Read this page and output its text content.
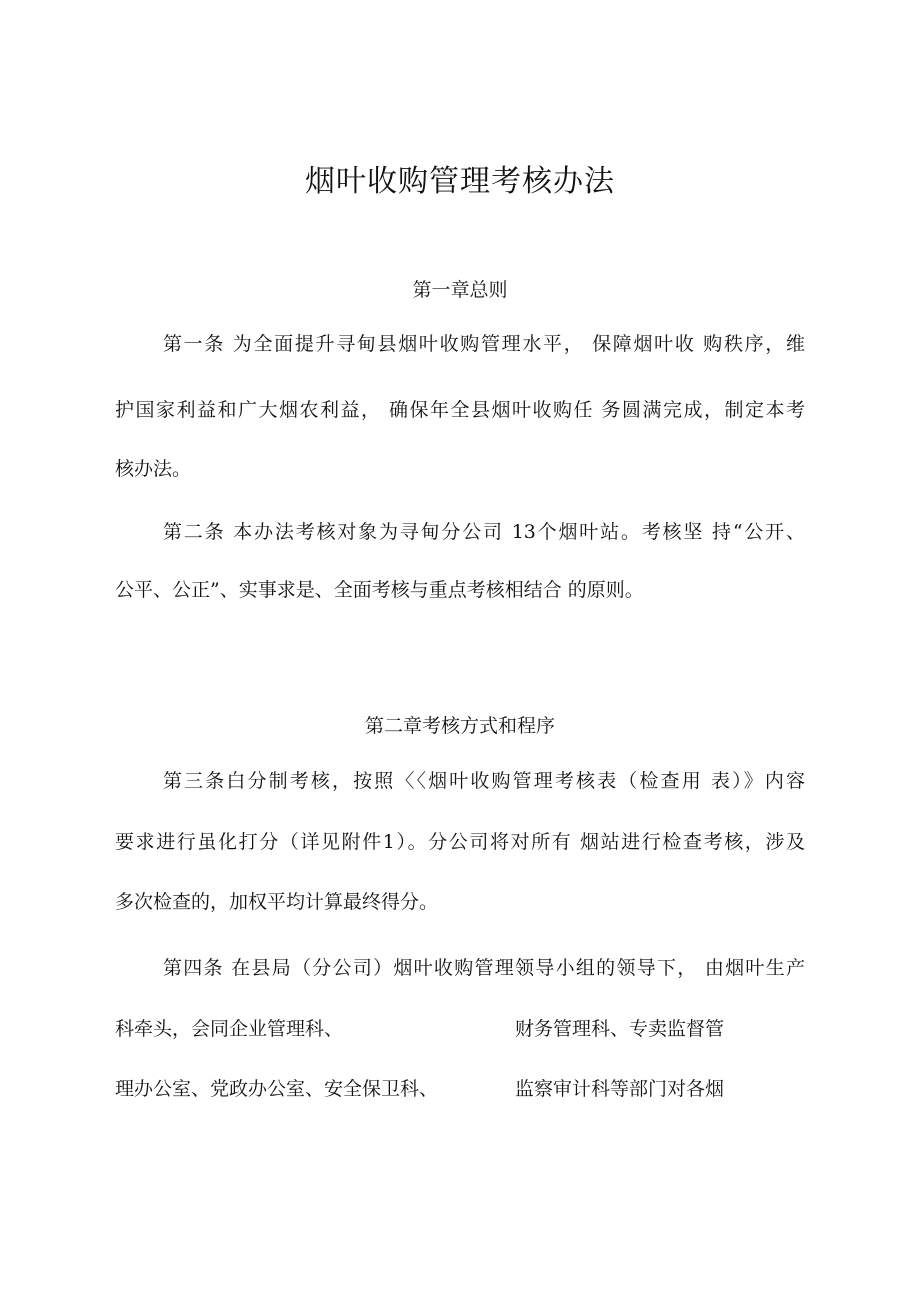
烟叶收购管理考核办法
第一章总则
第一条 为全面提升寻甸县烟叶收购管理水平， 保障烟叶收 购秩序，维
护国家利益和广大烟农利益， 确保年全县烟叶收购任 务圆满完成，制定本考
核办法。
第二条 本办法考核对象为寻甸分公司 13个烟叶站。考核坚 持“公开、
公平、公正”、实事求是、全面考核与重点考核相结合 的原则。
第二章考核方式和程序
第三条白分制考核，按照〈〈烟叶收购管理考核表（检查用 表）》内容
要求进行虽化打分（详见附件1）。分公司将对所有 烟站进行检查考核，涉及
多次检查的，加权平均计算最终得分。
第四条 在县局（分公司）烟叶收购管理领导小组的领导下， 由烟叶生产
科牵头，会同企业管理科、	财务管理科、专卖监督管
理办公室、党政办公室、安全保卫科、	监察审计科等部门对各烟
